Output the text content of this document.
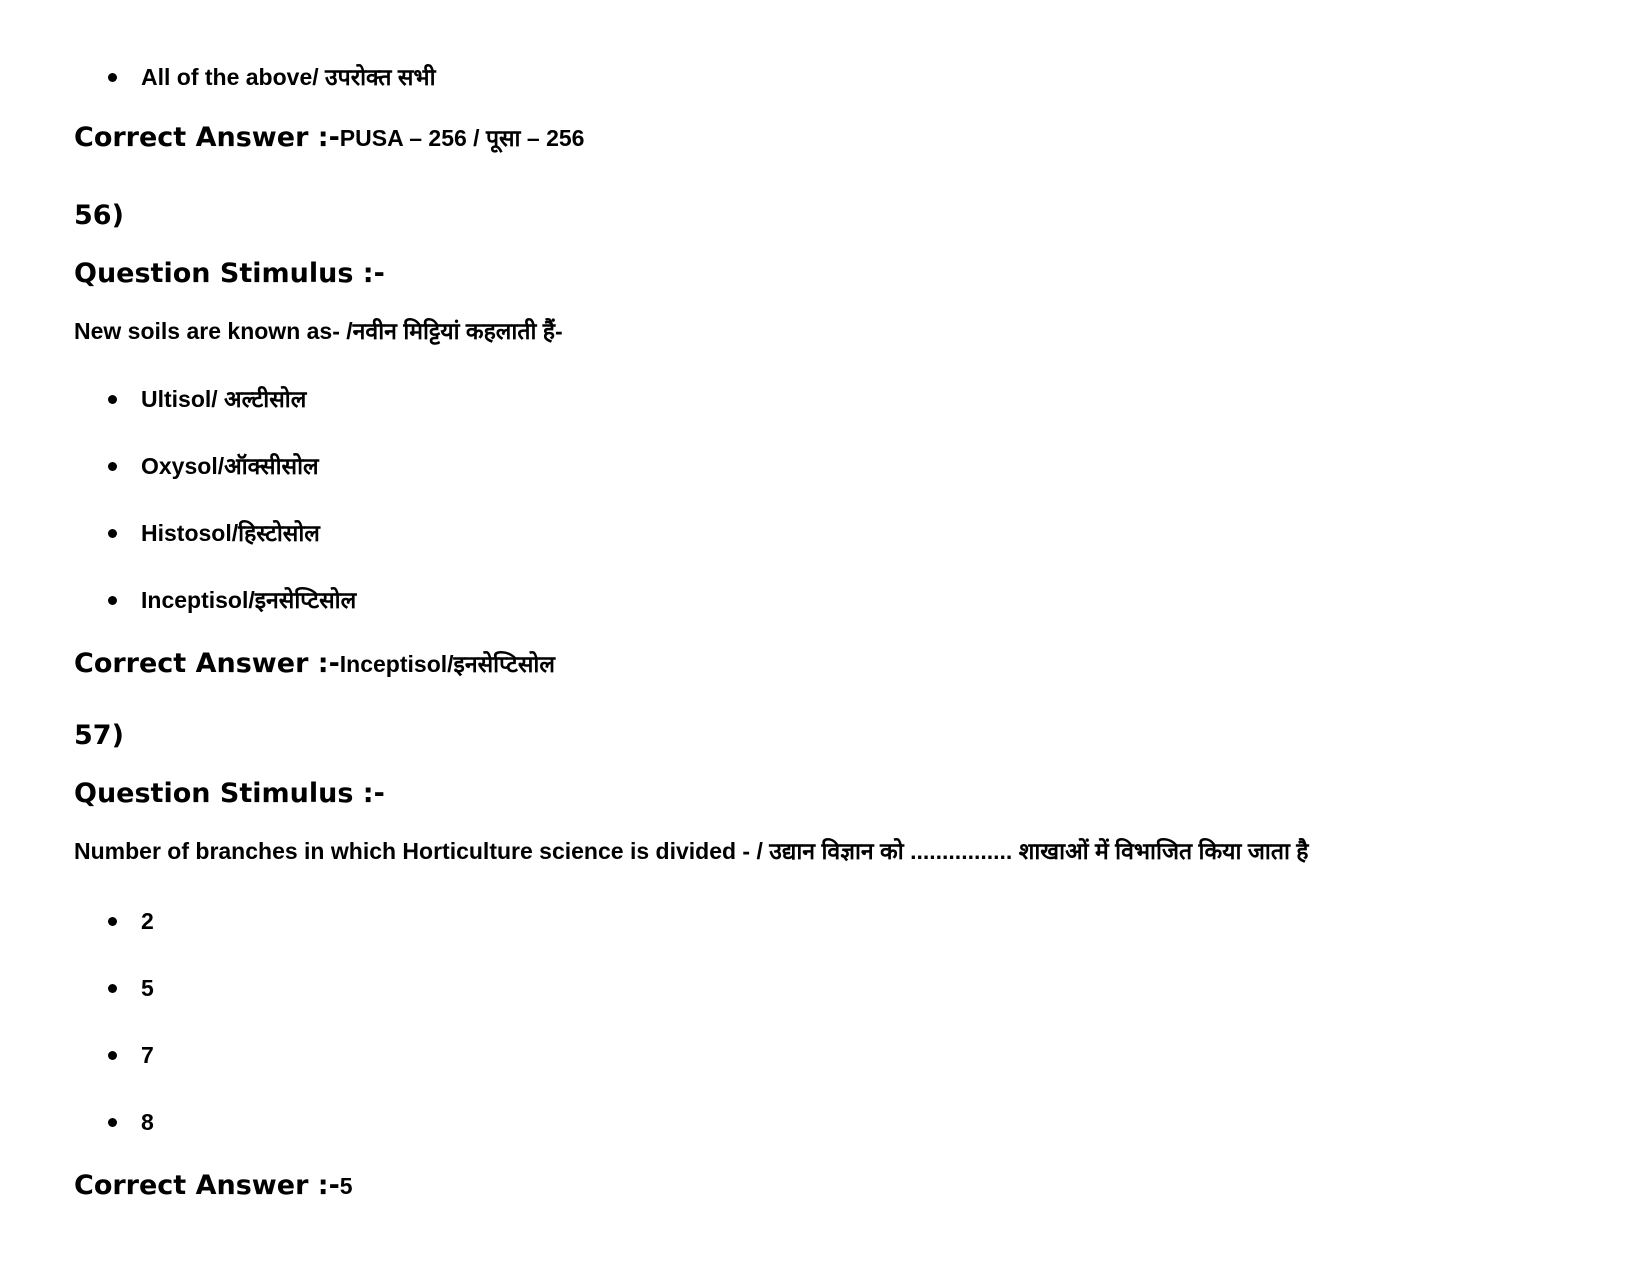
All of the above/ उपरोक्त सभी
Correct Answer :-PUSA – 256 / पूसा – 256
56)
Question Stimulus :-
New soils are known as- /नवीन मिट्टियां कहलाती हैं-
Ultisol/ अल्टीसोल
Oxysol/ऑक्सीसोल
Histosol/हिस्टोसोल
Inceptisol/इनसेप्टिसोल
Correct Answer :-Inceptisol/इनसेप्टिसोल
57)
Question Stimulus :-
Number of branches in which Horticulture science is divided - / उद्यान विज्ञान को ................ शाखाओं में विभाजित किया जाता है
2
5
7
8
Correct Answer :-5
